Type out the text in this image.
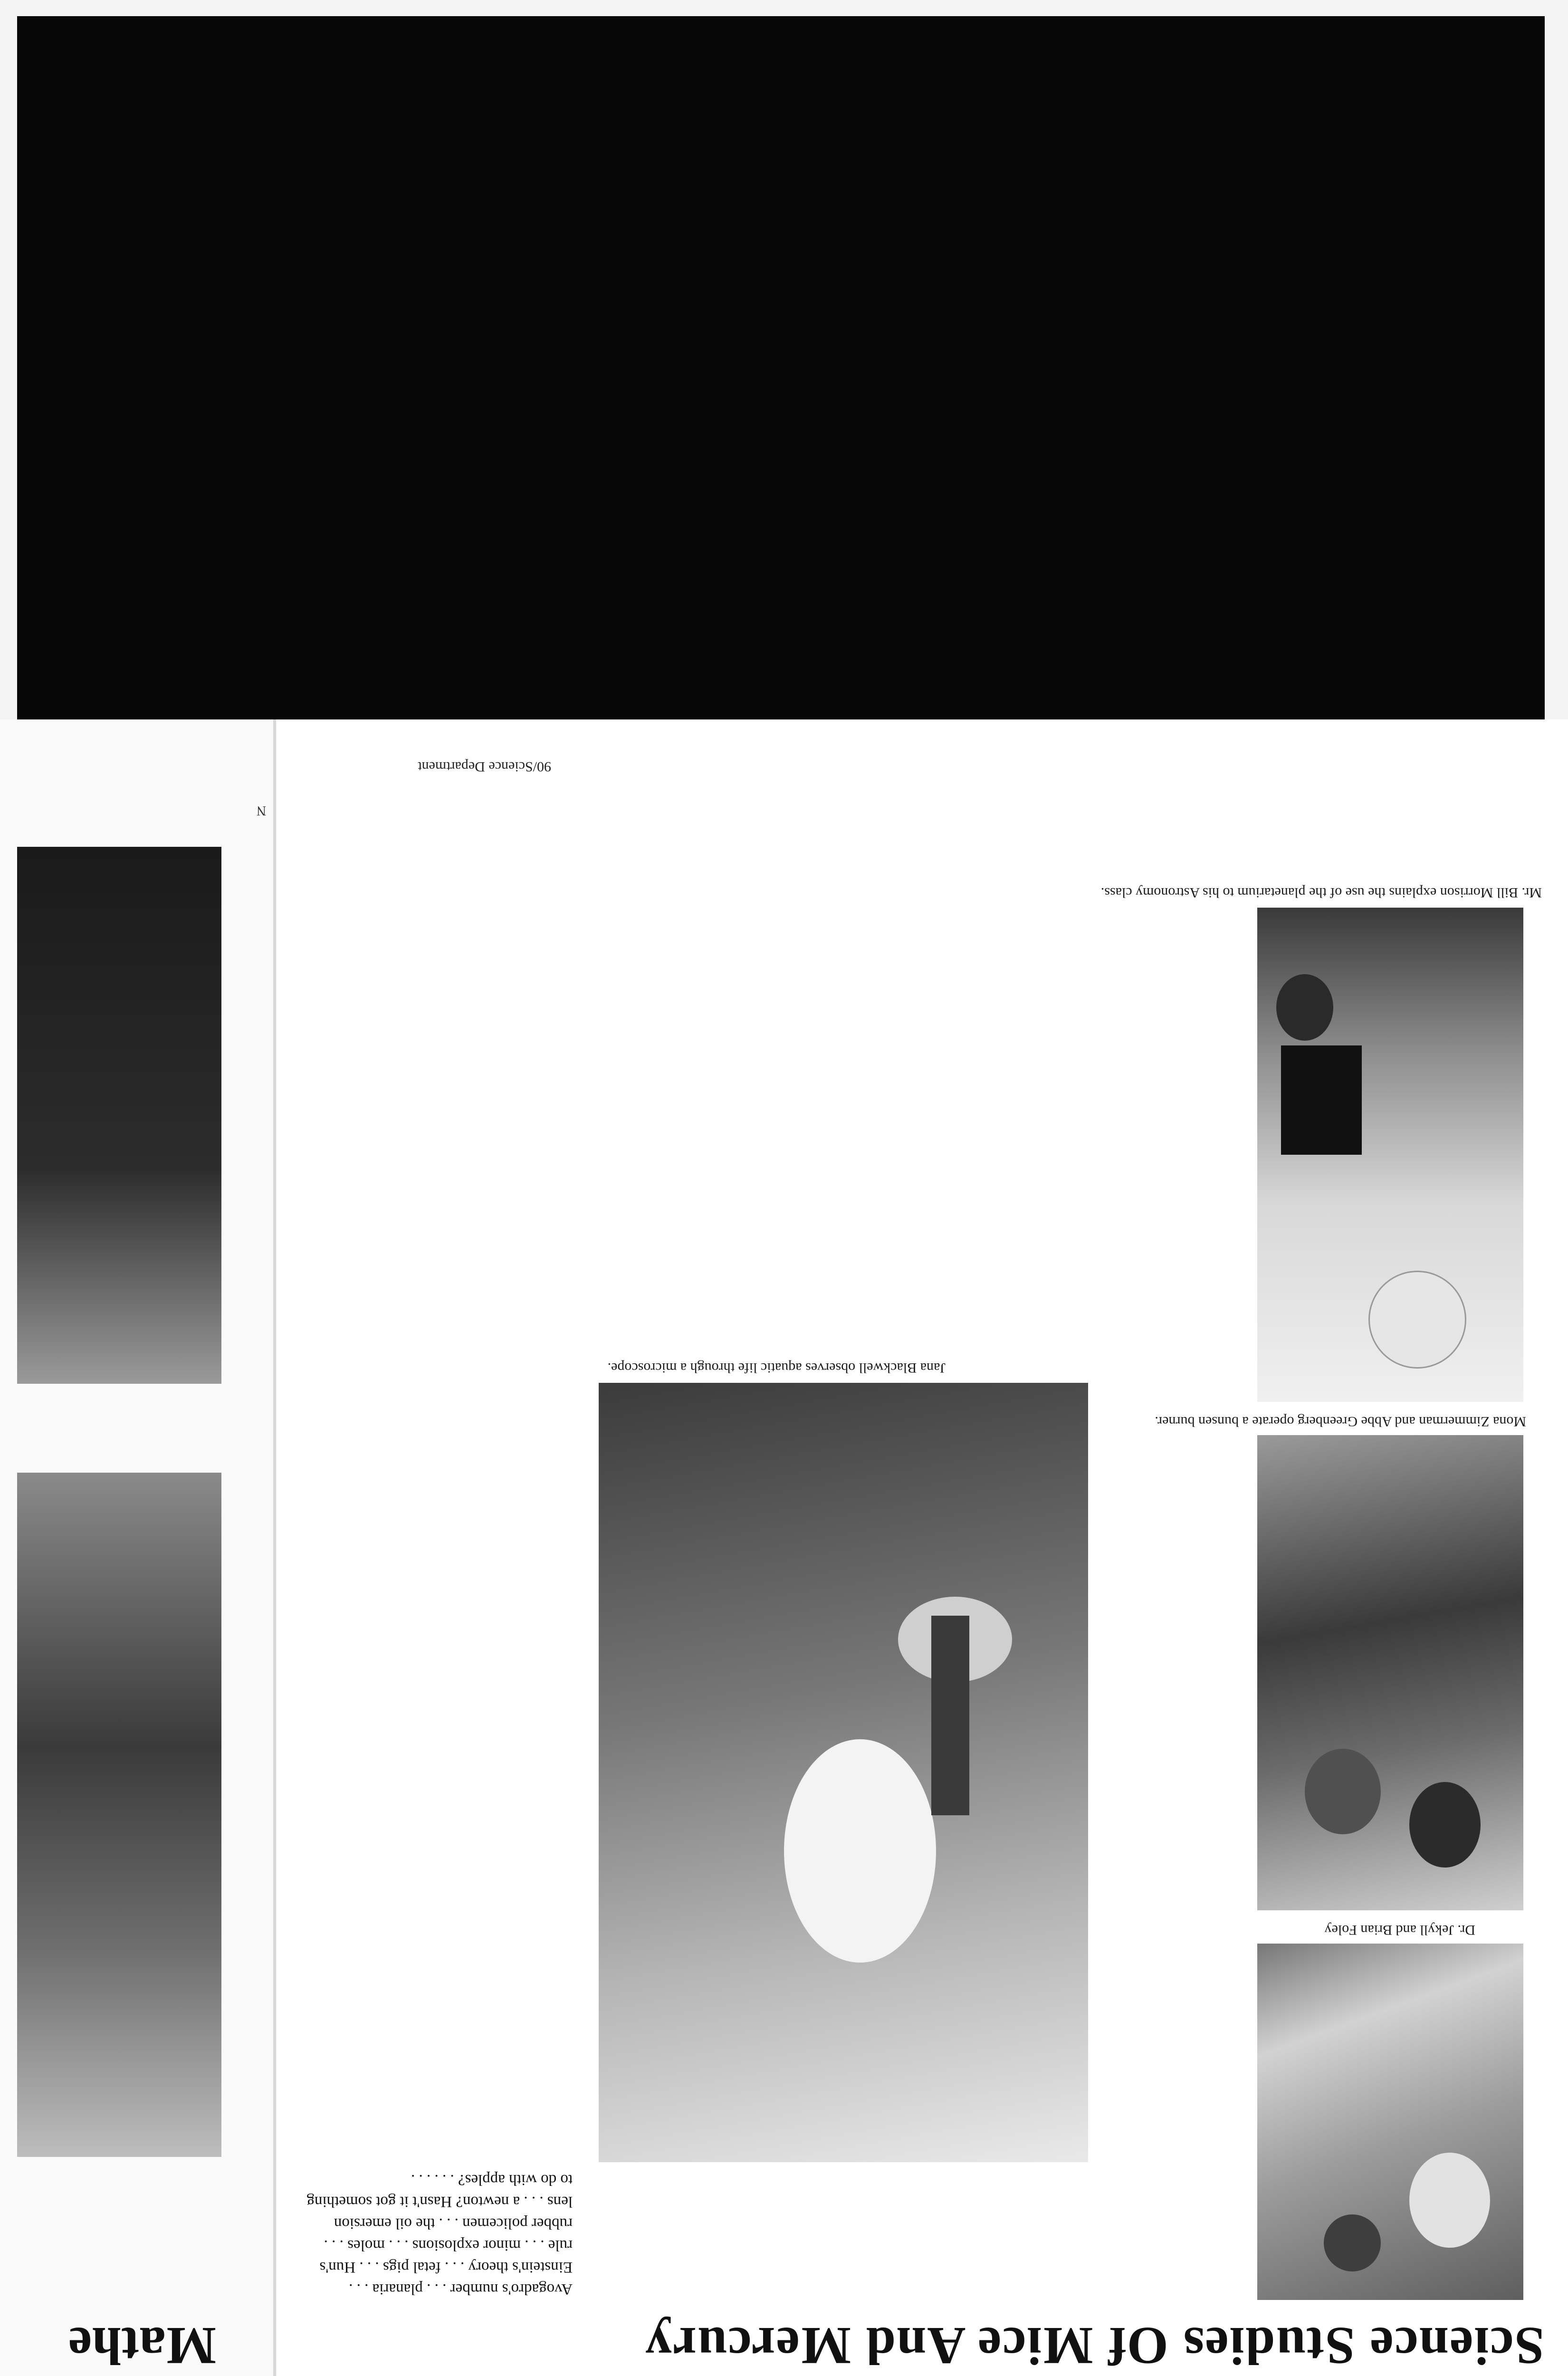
Mathe
N
Science Studies Of Mice And Mercury
Dr. Jekyll and Brian Foley
Mona Zimmerman and Abbe Greenberg operate a bunsen burner.
Mr. Bill Morrison explains the use of the planetarium to his Astronomy class.
Jana Blackwell observes aquatic life through a microscope.
Avogadro's number . . . planaria . . . Einstein's theory . . . fetal pigs . . . Hun's rule . . . minor explosions . . . moles . . . rubber policemen . . . the oil emersion lens . . . a newton? Hasn't it got something to do with apples? . . . . . .
90/Science Department
